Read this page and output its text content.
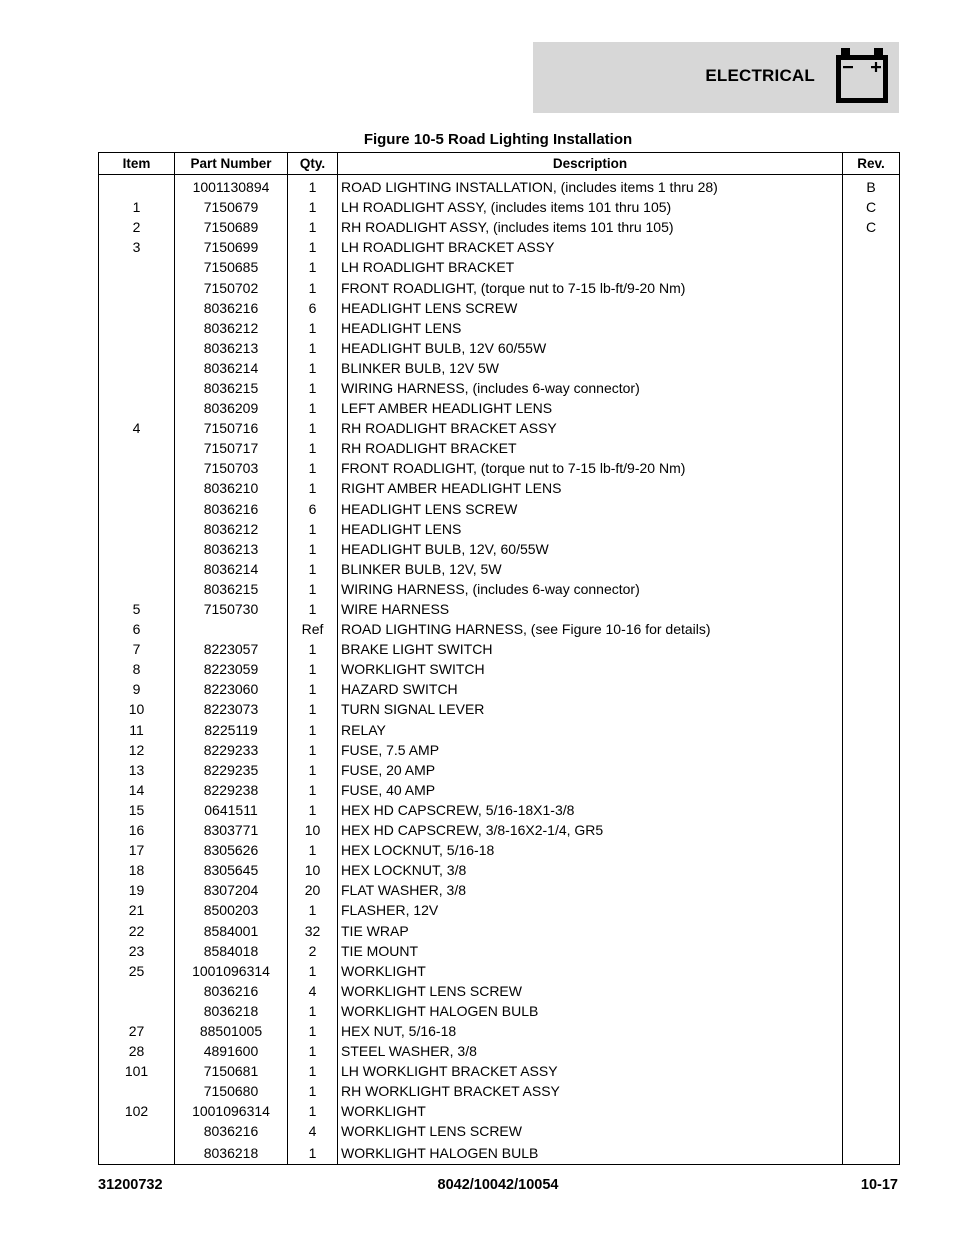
ELECTRICAL
Figure 10-5 Road Lighting Installation
Item	Part Number	Qty.	Description	Rev.
	1001130894	1	ROAD LIGHTING INSTALLATION, (includes items 1 thru 28)	B
1	7150679	1	LH ROADLIGHT ASSY, (includes items 101 thru 105)	C
2	7150689	1	RH ROADLIGHT ASSY, (includes items 101 thru 105)	C
3	7150699	1	LH ROADLIGHT BRACKET ASSY	
	7150685	1	LH ROADLIGHT BRACKET	
	7150702	1	FRONT ROADLIGHT, (torque nut to 7-15 lb-ft/9-20 Nm)	
	8036216	6	HEADLIGHT LENS SCREW	
	8036212	1	HEADLIGHT LENS	
	8036213	1	HEADLIGHT BULB, 12V 60/55W	
	8036214	1	BLINKER BULB, 12V 5W	
	8036215	1	WIRING HARNESS, (includes 6-way connector)	
	8036209	1	LEFT AMBER HEADLIGHT LENS	
4	7150716	1	RH ROADLIGHT BRACKET ASSY	
	7150717	1	RH ROADLIGHT BRACKET	
	7150703	1	FRONT ROADLIGHT, (torque nut to 7-15 lb-ft/9-20 Nm)	
	8036210	1	RIGHT AMBER HEADLIGHT LENS	
	8036216	6	HEADLIGHT LENS SCREW	
	8036212	1	HEADLIGHT LENS	
	8036213	1	HEADLIGHT BULB, 12V, 60/55W	
	8036214	1	BLINKER BULB, 12V, 5W	
	8036215	1	WIRING HARNESS, (includes 6-way connector)	
5	7150730	1	WIRE HARNESS	
6		Ref	ROAD LIGHTING HARNESS, (see Figure 10-16 for details)	
7	8223057	1	BRAKE LIGHT SWITCH	
8	8223059	1	WORKLIGHT SWITCH	
9	8223060	1	HAZARD SWITCH	
10	8223073	1	TURN SIGNAL LEVER	
11	8225119	1	RELAY	
12	8229233	1	FUSE, 7.5 AMP	
13	8229235	1	FUSE, 20 AMP	
14	8229238	1	FUSE, 40 AMP	
15	0641511	1	HEX HD CAPSCREW, 5/16-18X1-3/8	
16	8303771	10	HEX HD CAPSCREW, 3/8-16X2-1/4, GR5	
17	8305626	1	HEX LOCKNUT, 5/16-18	
18	8305645	10	HEX LOCKNUT, 3/8	
19	8307204	20	FLAT WASHER, 3/8	
21	8500203	1	FLASHER, 12V	
22	8584001	32	TIE WRAP	
23	8584018	2	TIE MOUNT	
25	1001096314	1	WORKLIGHT	
	8036216	4	WORKLIGHT LENS SCREW	
	8036218	1	WORKLIGHT HALOGEN BULB	
27	88501005	1	HEX NUT, 5/16-18	
28	4891600	1	STEEL WASHER, 3/8	
101	7150681	1	LH WORKLIGHT BRACKET ASSY	
	7150680	1	RH WORKLIGHT BRACKET ASSY	
102	1001096314	1	WORKLIGHT	
	8036216	4	WORKLIGHT LENS SCREW	
	8036218	1	WORKLIGHT HALOGEN BULB	
31200732	8042/10042/10054	10-17
